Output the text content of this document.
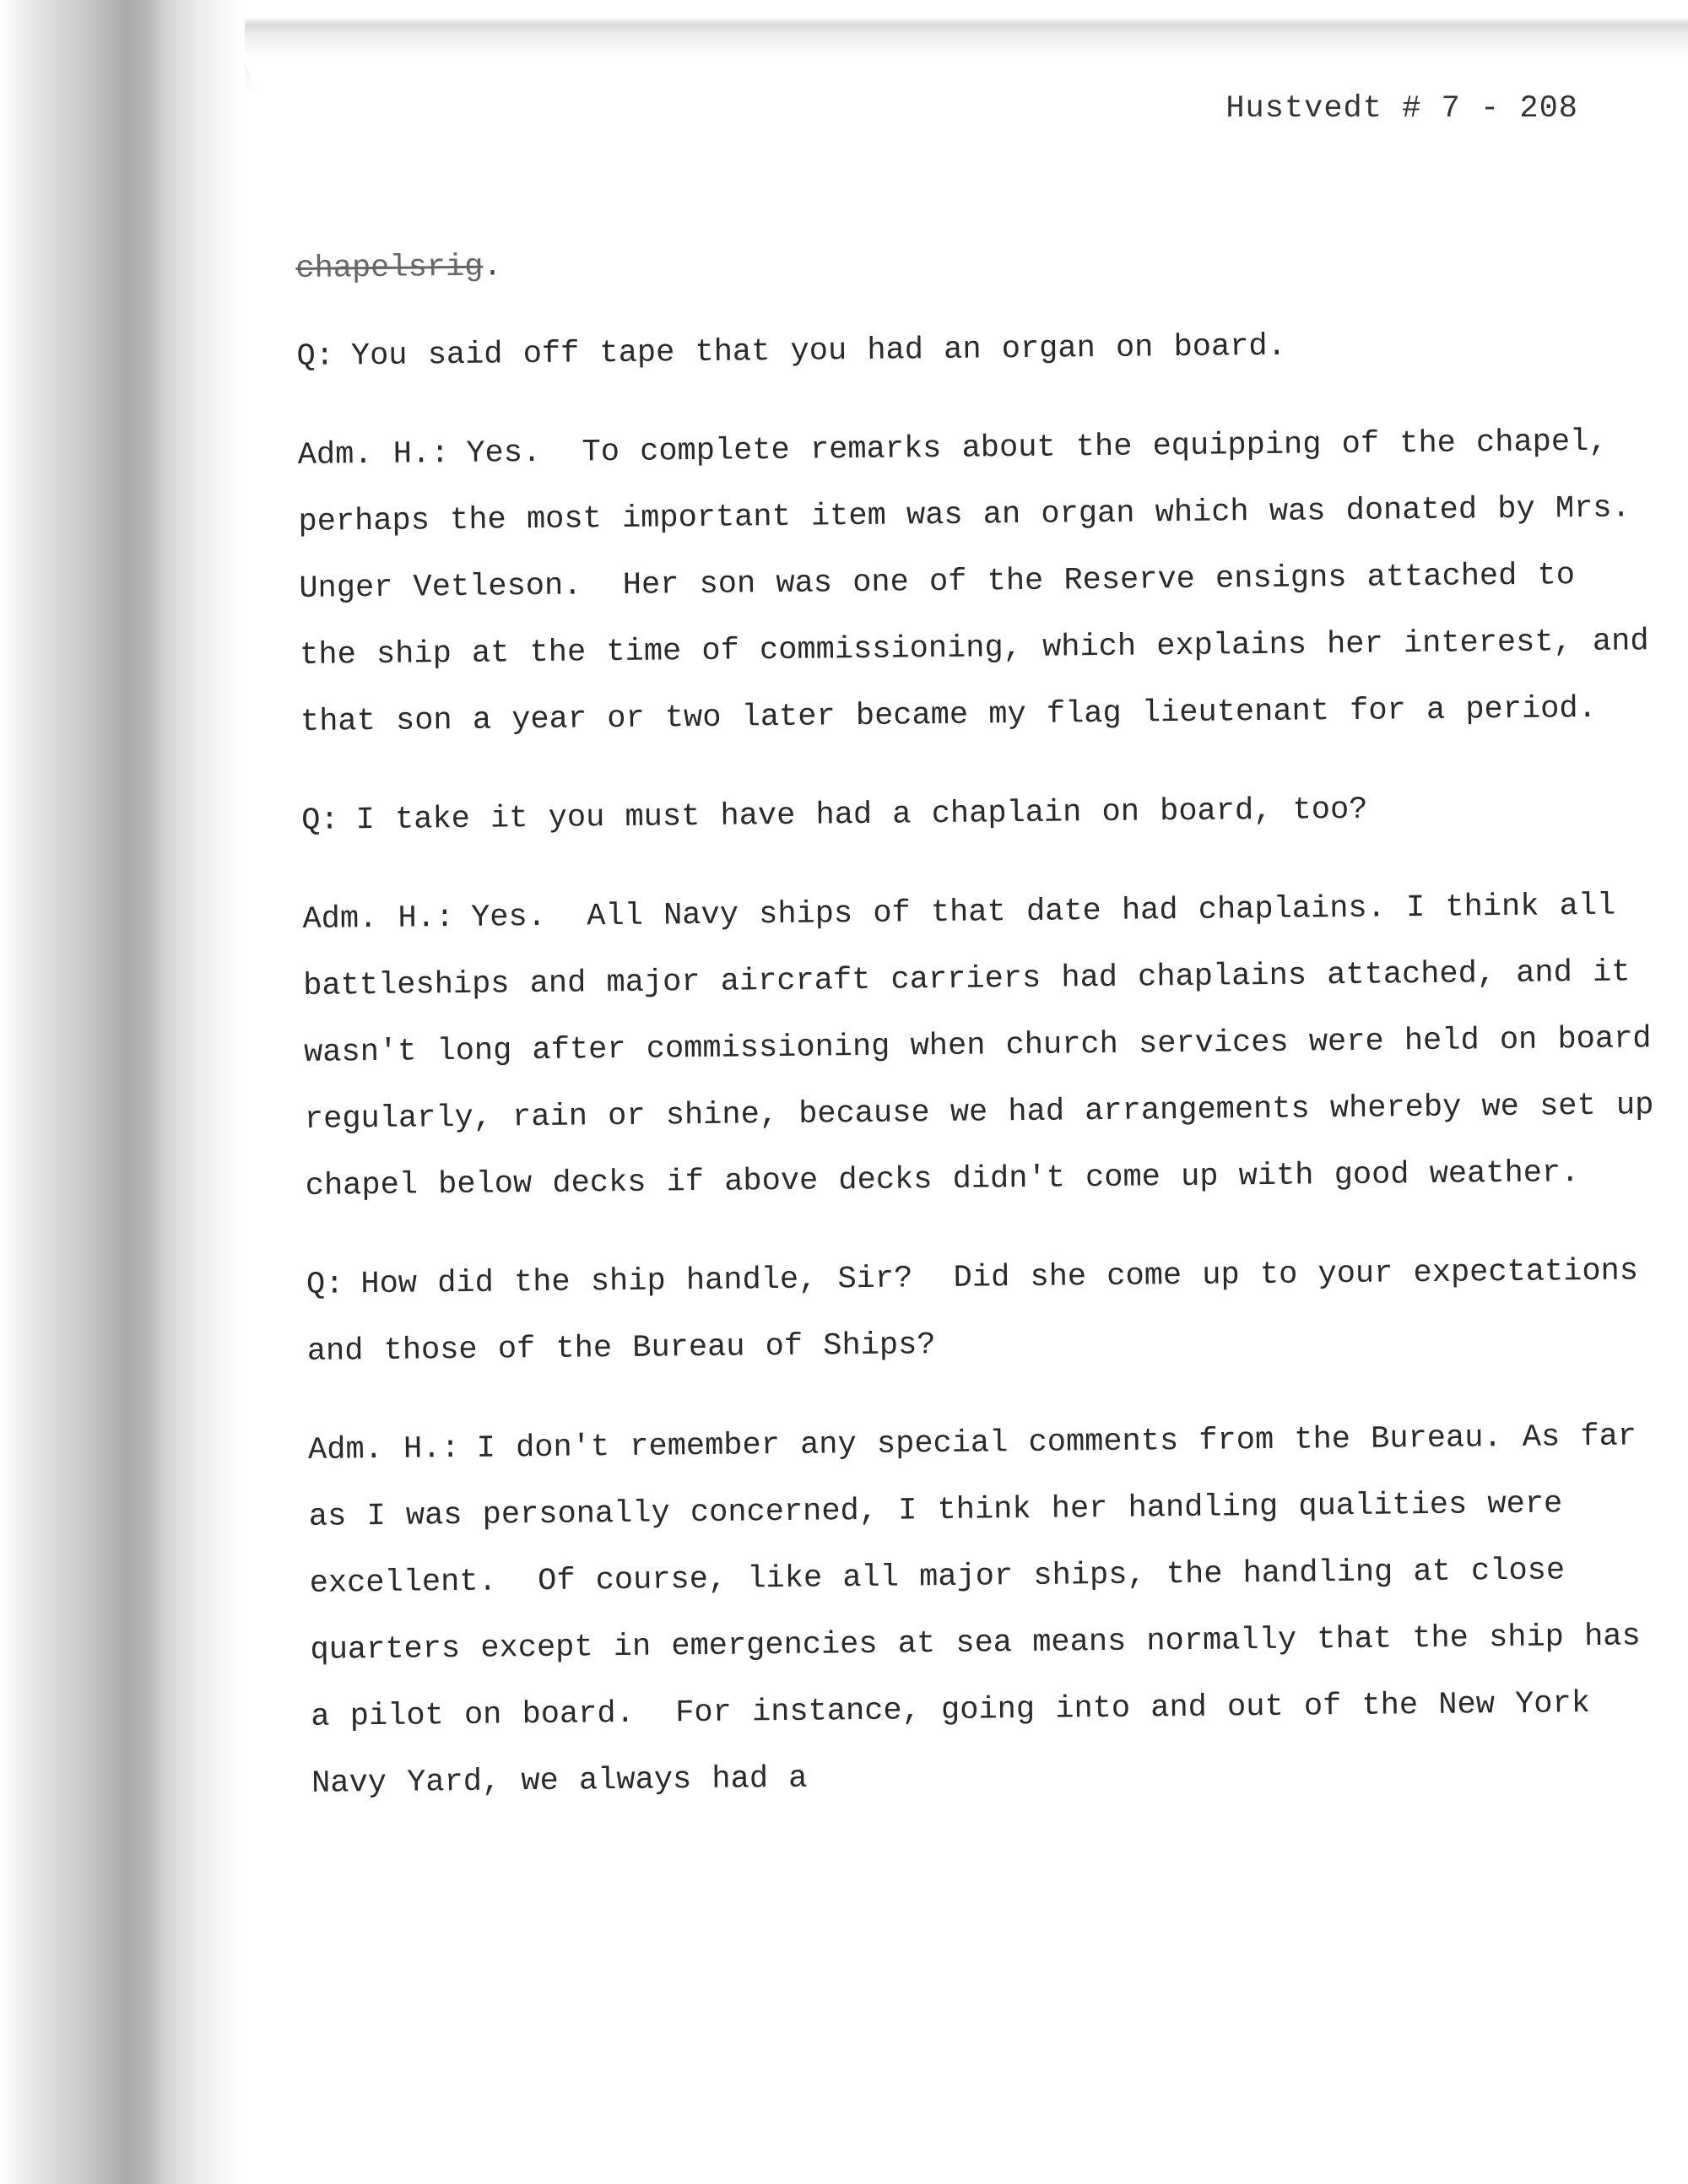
Hustvedt # 7 - 208
chapelsrig.

Q: You said off tape that you had an organ on board.

Adm. H.: Yes.  To complete remarks about the equipping of the chapel, perhaps the most important item was an organ which was donated by Mrs. Unger Vetleson.  Her son was one of the Reserve ensigns attached to the ship at the time of commissioning, which explains her interest, and that son a year or two later became my flag lieutenant for a period.

Q: I take it you must have had a chaplain on board, too?

Adm. H.: Yes.  All Navy ships of that date had chaplains. I think all battleships and major aircraft carriers had chaplains attached, and it wasn't long after commissioning when church services were held on board regularly, rain or shine, because we had arrangements whereby we set up chapel below decks if above decks didn't come up with good weather.

Q: How did the ship handle, Sir?  Did she come up to your expectations and those of the Bureau of Ships?

Adm. H.: I don't remember any special comments from the Bureau. As far as I was personally concerned, I think her handling qualities were excellent.  Of course, like all major ships, the handling at close quarters except in emergencies at sea means normally that the ship has a pilot on board.  For instance, going into and out of the New York Navy Yard, we always had a
